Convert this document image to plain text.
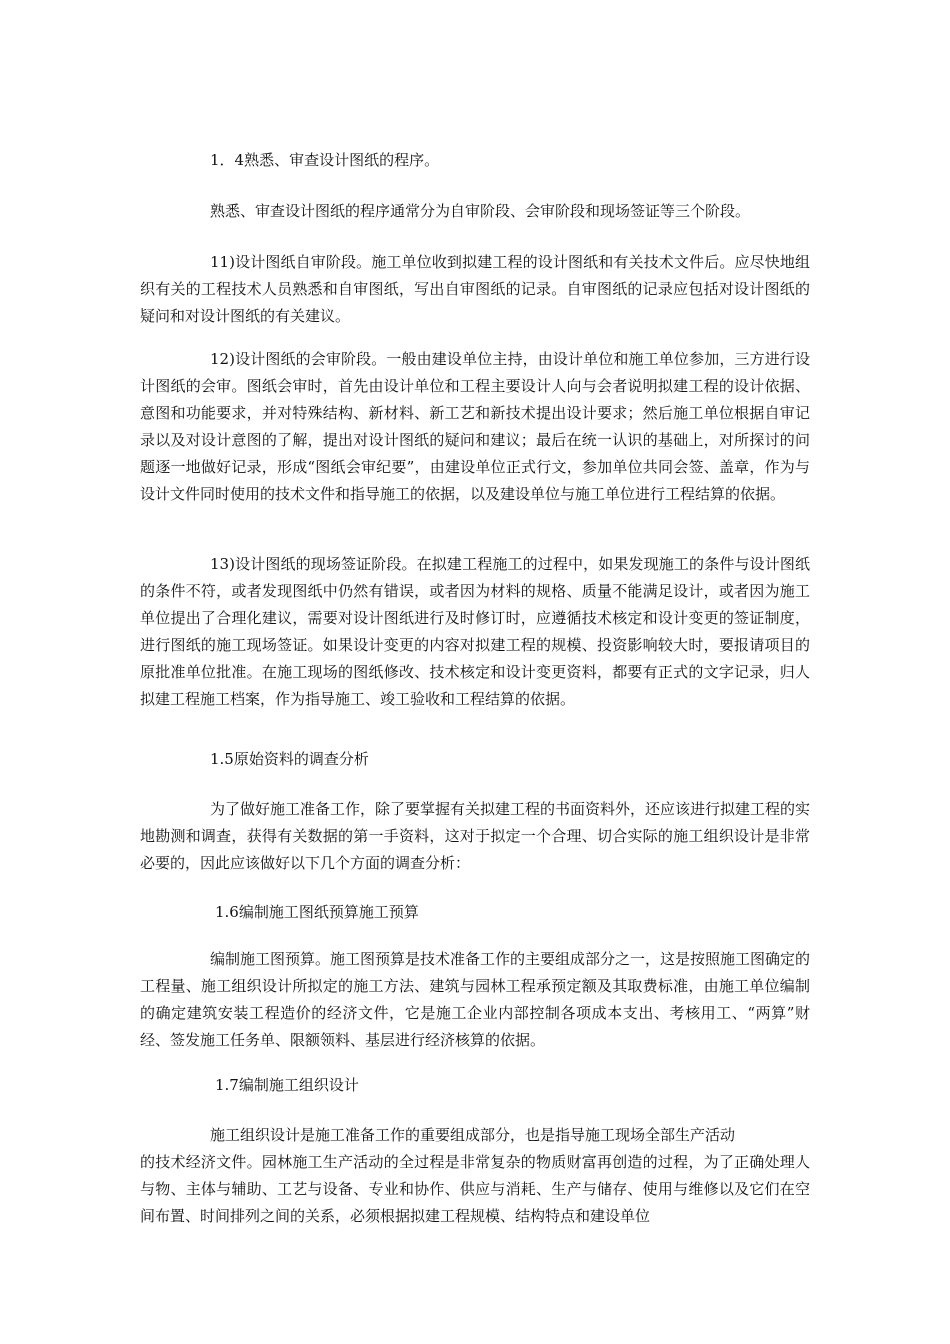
1．4熟悉、审查设计图纸的程序。

熟悉、审查设计图纸的程序通常分为自审阶段、会审阶段和现场签证等三个阶段。

11)设计图纸自审阶段。施工单位收到拟建工程的设计图纸和有关技术文件后。应尽快地组织有关的工程技术人员熟悉和自审图纸，写出自审图纸的记录。自审图纸的记录应包括对设计图纸的疑问和对设计图纸的有关建议。

12)设计图纸的会审阶段。一般由建设单位主持，由设计单位和施工单位参加，三方进行设计图纸的会审。图纸会审时，首先由设计单位和工程主要设计人向与会者说明拟建工程的设计依据、意图和功能要求，并对特殊结构、新材料、新工艺和新技术提出设计要求；然后施工单位根据自审记录以及对设计意图的了解，提出对设计图纸的疑问和建议；最后在统一认识的基础上，对所探讨的问题逐一地做好记录，形成“图纸会审纪要”，由建设单位正式行文，参加单位共同会签、盖章，作为与设计文件同时使用的技术文件和指导施工的依据，以及建设单位与施工单位进行工程结算的依据。

13)设计图纸的现场签证阶段。在拟建工程施工的过程中，如果发现施工的条件与设计图纸的条件不符，或者发现图纸中仍然有错误，或者因为材料的规格、质量不能满足设计，或者因为施工单位提出了合理化建议，需要对设计图纸进行及时修订时，应遵循技术核定和设计变更的签证制度，进行图纸的施工现场签证。如果设计变更的内容对拟建工程的规模、投资影响较大时，要报请项目的原批准单位批准。在施工现场的图纸修改、技术核定和设计变更资料，都要有正式的文字记录，归人拟建工程施工档案，作为指导施工、竣工验收和工程结算的依据。

1.5原始资料的调查分析

为了做好施工准备工作，除了要掌握有关拟建工程的书面资料外，还应该进行拟建工程的实地勘测和调查，获得有关数据的第一手资料，这对于拟定一个合理、切合实际的施工组织设计是非常必要的，因此应该做好以下几个方面的调查分析：

1.6编制施工图纸预算施工预算

编制施工图预算。施工图预算是技术准备工作的主要组成部分之一，这是按照施工图确定的工程量、施工组织设计所拟定的施工方法、建筑与园林工程承预定额及其取费标准，由施工单位编制的确定建筑安装工程造价的经济文件，它是施工企业内部控制各项成本支出、考核用工、“两算”财经、签发施工任务单、限额领料、基层进行经济核算的依据。

1.7编制施工组织设计

施工组织设计是施工准备工作的重要组成部分，也是指导施工现场全部生产活动

的技术经济文件。园林施工生产活动的全过程是非常复杂的物质财富再创造的过程，为了正确处理人与物、主体与辅助、工艺与设备、专业和协作、供应与消耗、生产与储存、使用与维修以及它们在空间布置、时间排列之间的关系，必须根据拟建工程规模、结构特点和建设单位
